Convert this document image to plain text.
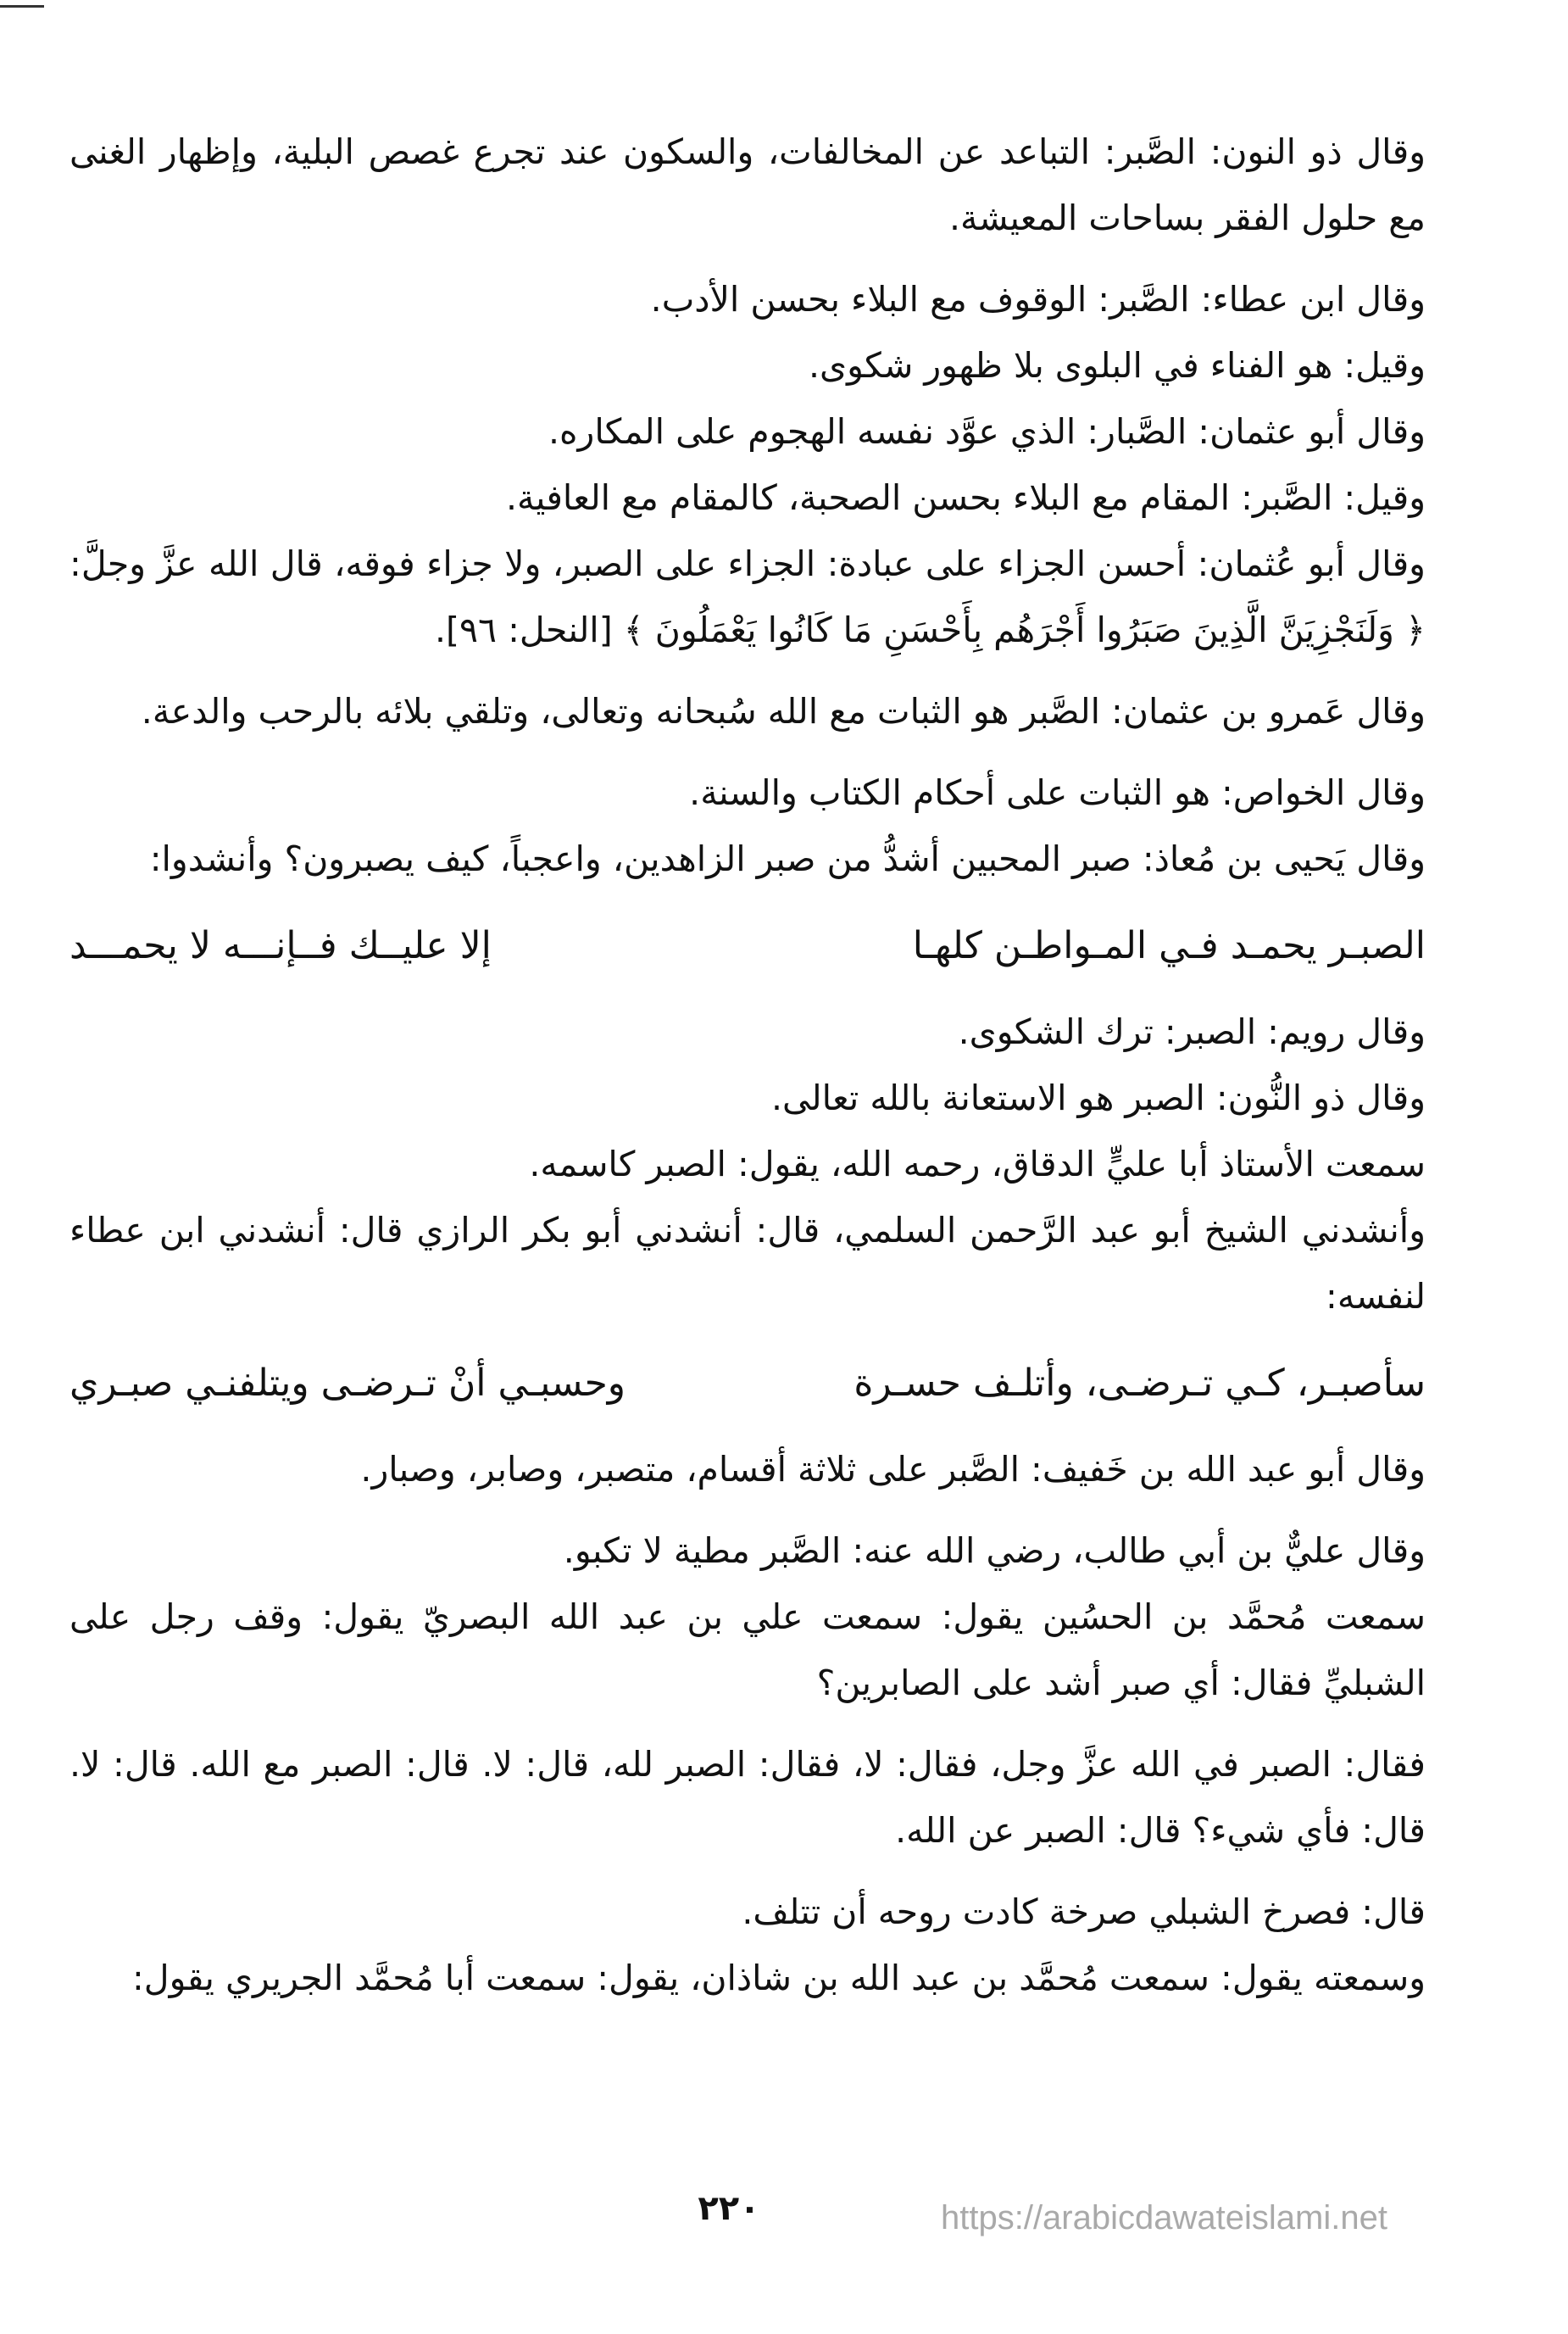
وقال ذو النون: الصَّبر: التباعد عن المخالفات، والسكون عند تجرع غصص البلية، وإظهار الغنى مع حلول الفقر بساحات المعيشة.

وقال ابن عطاء: الصَّبر: الوقوف مع البلاء بحسن الأدب.

وقيل: هو الفناء في البلوى بلا ظهور شكوى.

وقال أبو عثمان: الصَّبار: الذي عوَّد نفسه الهجوم على المكاره.

وقيل: الصَّبر: المقام مع البلاء بحسن الصحبة، كالمقام مع العافية.

وقال أبو عُثمان: أحسن الجزاء على عبادة: الجزاء على الصبر، ولا جزاء فوقه، قال الله عزَّ وجلَّ: ﴿ وَلَنَجْزِيَنَّ الَّذِينَ صَبَرُوا أَجْرَهُم بِأَحْسَنِ مَا كَانُوا يَعْمَلُونَ ﴾ [النحل: ٩٦].

وقال عَمرو بن عثمان: الصَّبر هو الثبات مع الله سُبحانه وتعالى، وتلقي بلائه بالرحب والدعة.

وقال الخواص: هو الثبات على أحكام الكتاب والسنة.

وقال يَحيى بن مُعاذ: صبر المحبين أشدُّ من صبر الزاهدين، واعجباً، كيف يصبرون؟ وأنشدوا:

الصبـر يحمـد فـي المـواطـن كلهـا
إلا عليــك فــإنـــه لا يحمـــد

وقال رويم: الصبر: ترك الشكوى.

وقال ذو النُّون: الصبر هو الاستعانة بالله تعالى.

سمعت الأستاذ أبا عليٍّ الدقاق، رحمه الله، يقول: الصبر كاسمه.

وأنشدني الشيخ أبو عبد الرَّحمن السلمي، قال: أنشدني أبو بكر الرازي قال: أنشدني ابن عطاء لنفسه:

سأصبـر، كـي تـرضـى، وأتلـف حسـرة
وحسبـي أنْ تـرضـى ويتلفنـي صبـري

وقال أبو عبد الله بن خَفيف: الصَّبر على ثلاثة أقسام، متصبر، وصابر، وصبار.

وقال عليٌّ بن أبي طالب، رضي الله عنه: الصَّبر مطية لا تكبو.

سمعت مُحمَّد بن الحسُين يقول: سمعت علي بن عبد الله البصريّ يقول: وقف رجل على الشبليِّ فقال: أي صبر أشد على الصابرين؟

فقال: الصبر في الله عزَّ وجل، فقال: لا، فقال: الصبر لله، قال: لا. قال: الصبر مع الله. قال: لا. قال: فأي شيء؟ قال: الصبر عن الله.

قال: فصرخ الشبلي صرخة كادت روحه أن تتلف.

وسمعته يقول: سمعت مُحمَّد بن عبد الله بن شاذان، يقول: سمعت أبا مُحمَّد الجريري يقول:

٢٢٠	https://arabicdawateislami.net
